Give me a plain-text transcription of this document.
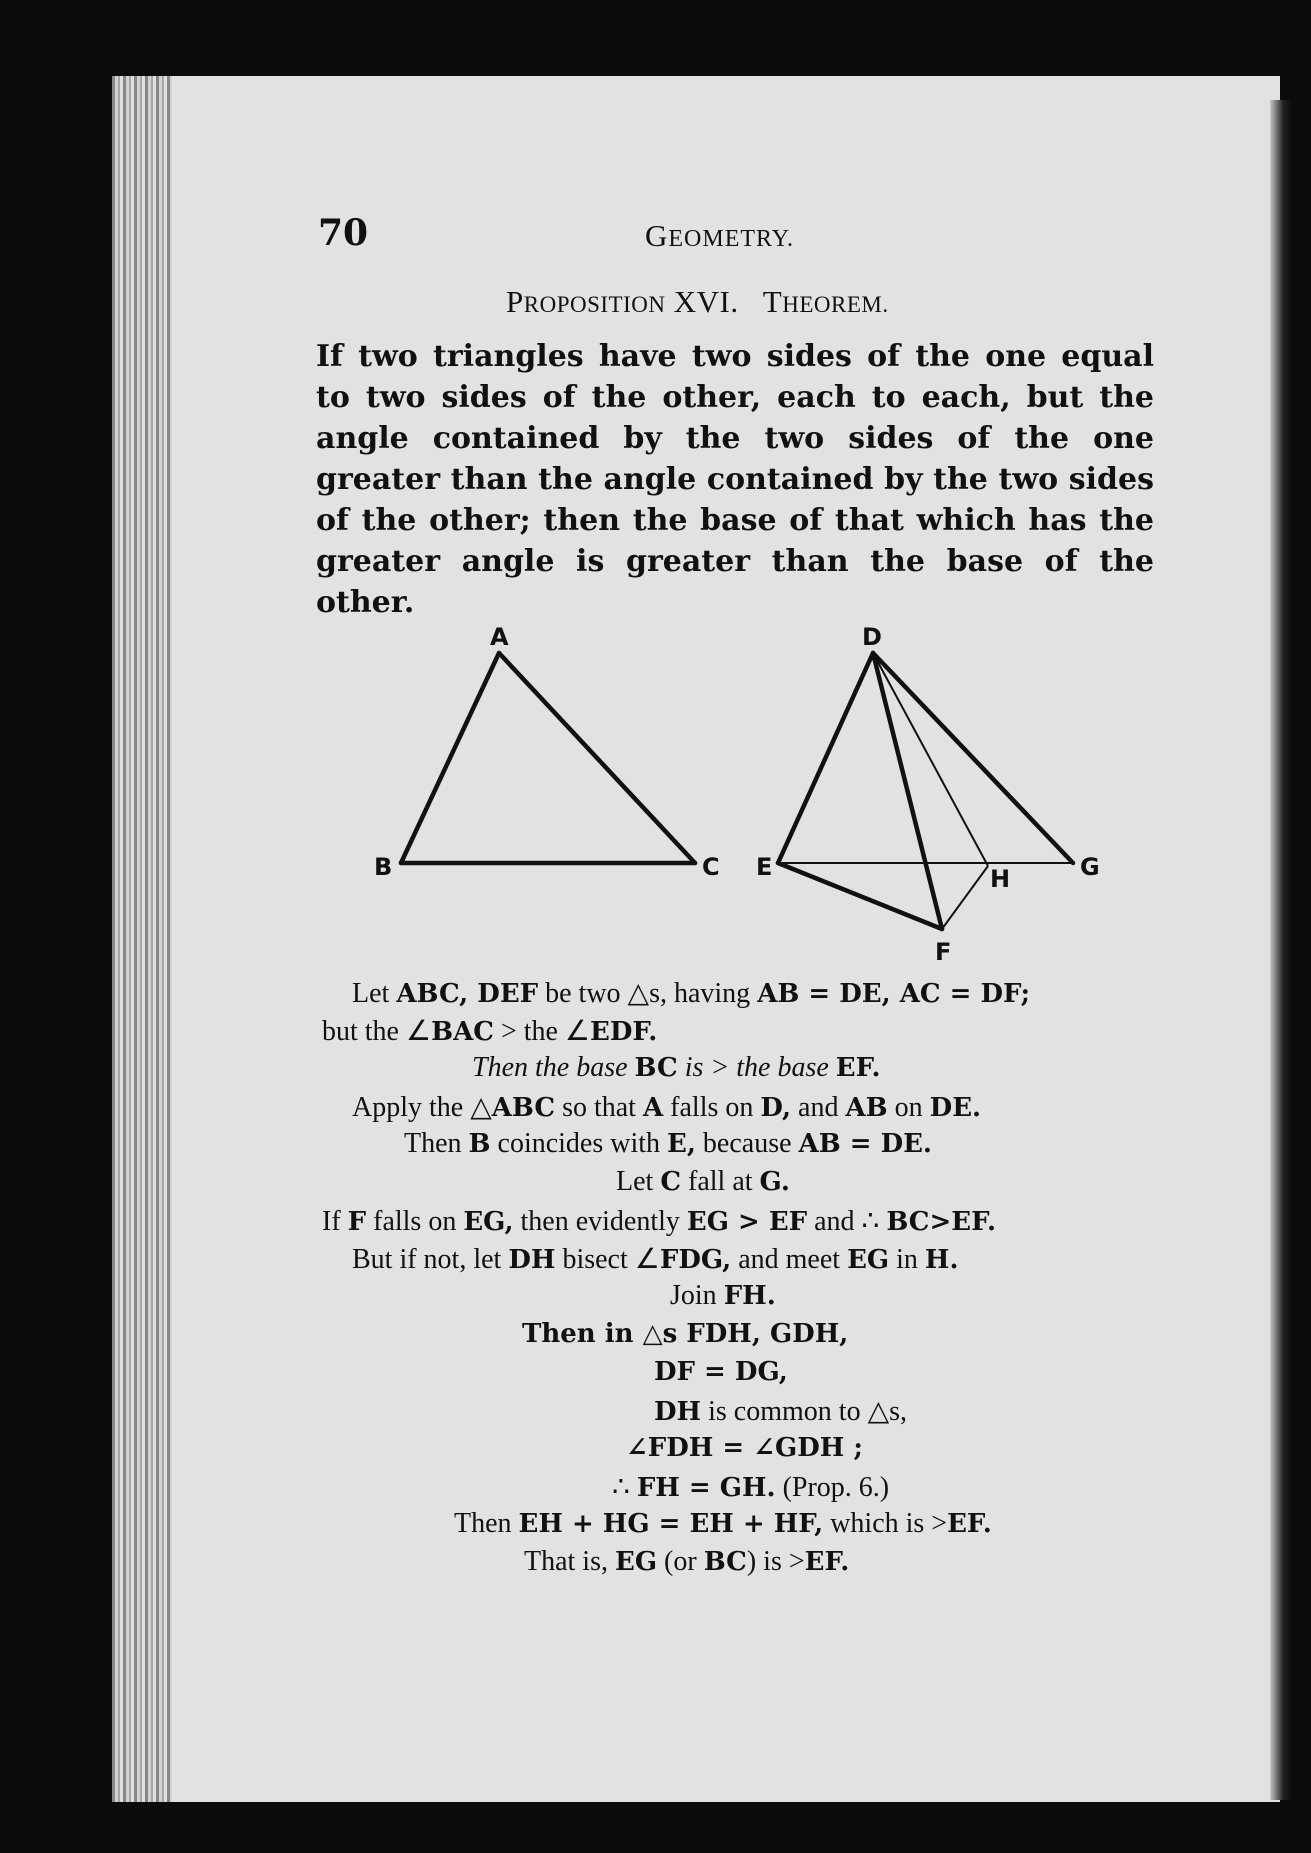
70	GEOMETRY.
PROPOSITION XVI. THEOREM.
If two triangles have two sides of the one equal to two sides of the other, each to each, but the angle contained by the two sides of the one greater than the angle contained by the two sides of the other; then the base of that which has the greater angle is greater than the base of the other.
A
B	C
D
E
F
G
H
Let ABC, DEF be two △s, having AB = DE, AC = DF;
but the ∠BAC > the ∠EDF.
Then the base BC is > the base EF.
Apply the △ABC so that A falls on D, and AB on DE.
Then B coincides with E, because AB = DE.
Let C fall at G.
If F falls on EG, then evidently EG > EF and ∴ BC>EF.
But if not, let DH bisect ∠FDG, and meet EG in H.
Join FH.
Then in △s FDH, GDH,
DF = DG,
DH is common to △s,
∠FDH = ∠GDH ;
∴ FH = GH. (Prop. 6.)
Then EH + HG = EH + HF, which is >EF.
That is, EG (or BC) is >EF.
